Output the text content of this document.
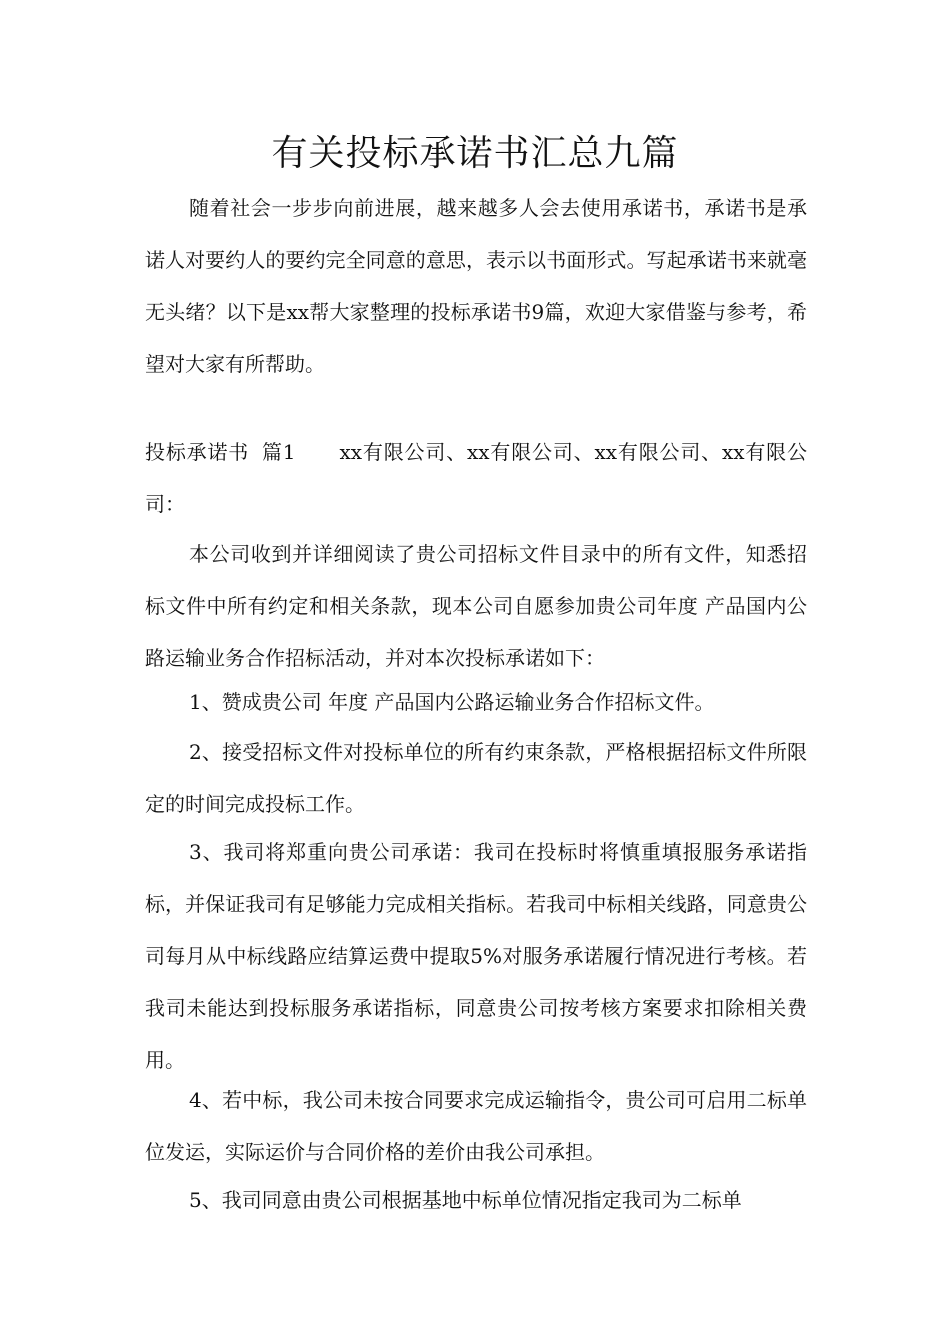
有关投标承诺书汇总九篇

随着社会一步步向前进展，越来越多人会去使用承诺书，承诺书是承诺人对要约人的要约完全同意的意思，表示以书面形式。写起承诺书来就毫无头绪？以下是xx帮大家整理的投标承诺书9篇，欢迎大家借鉴与参考，希望对大家有所帮助。

投标承诺书 篇1 xx有限公司、xx有限公司、xx有限公司、xx有限公司：

本公司收到并详细阅读了贵公司招标文件目录中的所有文件，知悉招标文件中所有约定和相关条款，现本公司自愿参加贵公司年度 产品国内公路运输业务合作招标活动，并对本次投标承诺如下：

1、赞成贵公司 年度 产品国内公路运输业务合作招标文件。

2、接受招标文件对投标单位的所有约束条款，严格根据招标文件所限定的时间完成投标工作。

3、我司将郑重向贵公司承诺：我司在投标时将慎重填报服务承诺指标，并保证我司有足够能力完成相关指标。若我司中标相关线路，同意贵公司每月从中标线路应结算运费中提取5%对服务承诺履行情况进行考核。若我司未能达到投标服务承诺指标，同意贵公司按考核方案要求扣除相关费用。

4、若中标，我公司未按合同要求完成运输指令，贵公司可启用二标单位发运，实际运价与合同价格的差价由我公司承担。

5、我司同意由贵公司根据基地中标单位情况指定我司为二标单
